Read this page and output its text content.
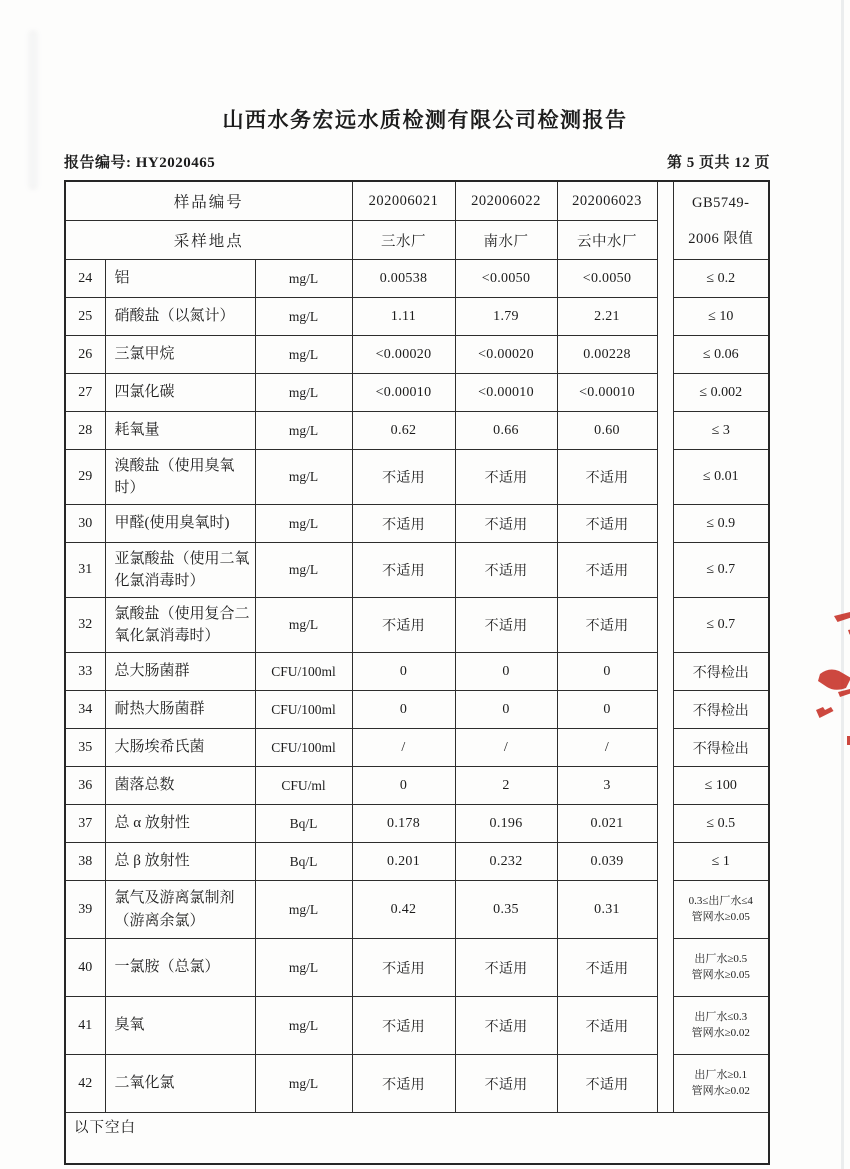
山西水务宏远水质检测有限公司检测报告
报告编号: HY2020465	第 5 页共 12 页
样品编号			202006021	202006022	202006023		GB5749-
2006 限值

采样地点			三水厂	南水厂	云中水厂		
24	铝	mg/L	0.00538	<0.0050	<0.0050		≤ 0.2

25	硝酸盐（以氮计）	mg/L	1.11	1.79	2.21		≤ 10

26	三氯甲烷	mg/L	<0.00020	<0.00020	0.00228		≤ 0.06

27	四氯化碳	mg/L	<0.00010	<0.00010	<0.00010		≤ 0.002

28	耗氧量	mg/L	0.62	0.66	0.60		≤ 3

29	溴酸盐（使用臭氧时）	mg/L	不适用	不适用	不适用		≤ 0.01

30	甲醛(使用臭氧时)	mg/L	不适用	不适用	不适用		≤ 0.9

31	亚氯酸盐（使用二氧化氯消毒时）	mg/L	不适用	不适用	不适用		≤ 0.7

32	氯酸盐（使用复合二氧化氯消毒时）	mg/L	不适用	不适用	不适用		≤ 0.7

33	总大肠菌群	CFU/100ml	0	0	0		不得检出

34	耐热大肠菌群	CFU/100ml	0	0	0		不得检出

35	大肠埃希氏菌	CFU/100ml	/	/	/		不得检出

36	菌落总数	CFU/ml	0	2	3		≤ 100

37	总 α 放射性	Bq/L	0.178	0.196	0.021		≤ 0.5

38	总 β 放射性	Bq/L	0.201	0.232	0.039		≤ 1

39	氯气及游离氯制剂（游离余氯）	mg/L	0.42	0.35	0.31		0.3≤出厂水≤4
管网水≥0.05

40	一氯胺（总氯）	mg/L	不适用	不适用	不适用		出厂水≥0.5
管网水≥0.05

41	臭氧	mg/L	不适用	不适用	不适用		出厂水≤0.3
管网水≥0.02

42	二氧化氯	mg/L	不适用	不适用	不适用		出厂水≥0.1
管网水≥0.02

以下空白							
